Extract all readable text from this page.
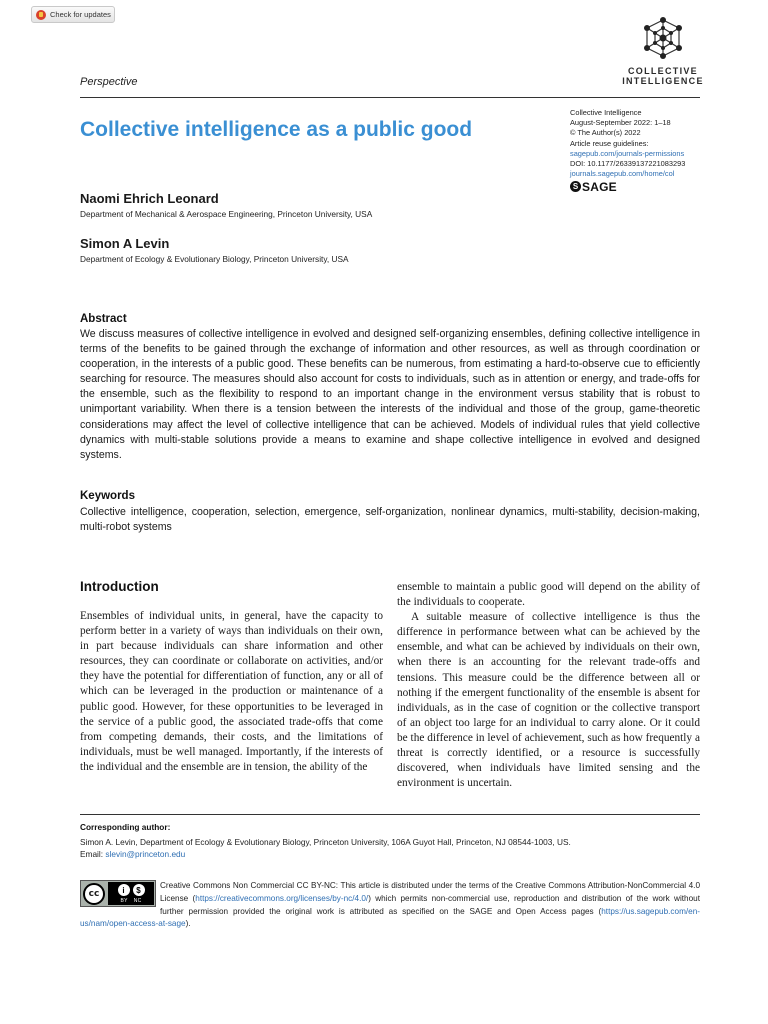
Check for updates
COLLECTIVE
INTELLIGENCE
Perspective
Collective intelligence as a public good
Collective Intelligence
August-September 2022: 1–18
© The Author(s) 2022
Article reuse guidelines:
sagepub.com/journals-permissions
DOI: 10.1177/26339137221083293
journals.sagepub.com/home/col
S SAGE
Naomi Ehrich Leonard
Department of Mechanical & Aerospace Engineering, Princeton University, USA
Simon A Levin
Department of Ecology & Evolutionary Biology, Princeton University, USA
Abstract
We discuss measures of collective intelligence in evolved and designed self-organizing ensembles, defining collective intelligence in terms of the benefits to be gained through the exchange of information and other resources, as well as through coordination or cooperation, in the interests of a public good. These benefits can be numerous, from estimating a hard-to-observe cue to efficiently searching for resource. The measures should also account for costs to individuals, such as in attention or energy, and trade-offs for the ensemble, such as the flexibility to respond to an important change in the environment versus stability that is robust to unimportant variability. When there is a tension between the interests of the individual and those of the group, game-theoretic considerations may affect the level of collective intelligence that can be achieved. Models of individual rules that yield collective dynamics with multi-stable solutions provide a means to examine and shape collective intelligence in evolved and designed systems.
Keywords
Collective intelligence, cooperation, selection, emergence, self-organization, nonlinear dynamics, multi-stability, decision-making, multi-robot systems
Introduction

Ensembles of individual units, in general, have the capacity to perform better in a variety of ways than individuals on their own, in part because individuals can share information and other resources, they can coordinate or collaborate on activities, and/or they have the potential for differentiation of function, any or all of which can be leveraged in the production or maintenance of a public good. However, for these opportunities to be leveraged in the service of a public good, the associated trade-offs that come from competing demands, their costs, and the limitations of individuals, must be well managed. Importantly, if the interests of the individual and the ensemble are in tension, the ability of the

ensemble to maintain a public good will depend on the ability of the individuals to cooperate.

A suitable measure of collective intelligence is thus the difference in performance between what can be achieved by the ensemble, and what can be achieved by individuals on their own, when there is an accounting for the relevant trade-offs and tensions. This measure could be the difference between all or nothing if the emergent functionality of the ensemble is absent for individuals, as in the case of cognition or the collective transport of an object too large for an individual to carry alone. Or it could be the difference in level of achievement, such as how frequently a threat is correctly identified, or a resource is successfully discovered, when individuals have limited sensing and the environment is uncertain.

Corresponding author:
Simon A. Levin, Department of Ecology & Evolutionary Biology, Princeton University, 106A Guyot Hall, Princeton, NJ 08544-1003, US.
Email: slevin@princeton.edu
Creative Commons Non Commercial CC BY-NC: This article is distributed under the terms of the Creative Commons Attribution-NonCommercial 4.0 License (https://creativecommons.org/licenses/by-nc/4.0/) which permits non-commercial use, reproduction and distribution of the work without further permission provided the original work is attributed as specified on the SAGE and Open Access pages (https://us.sagepub.com/en-us/nam/open-access-at-sage).
cc	i	$
BY NC
